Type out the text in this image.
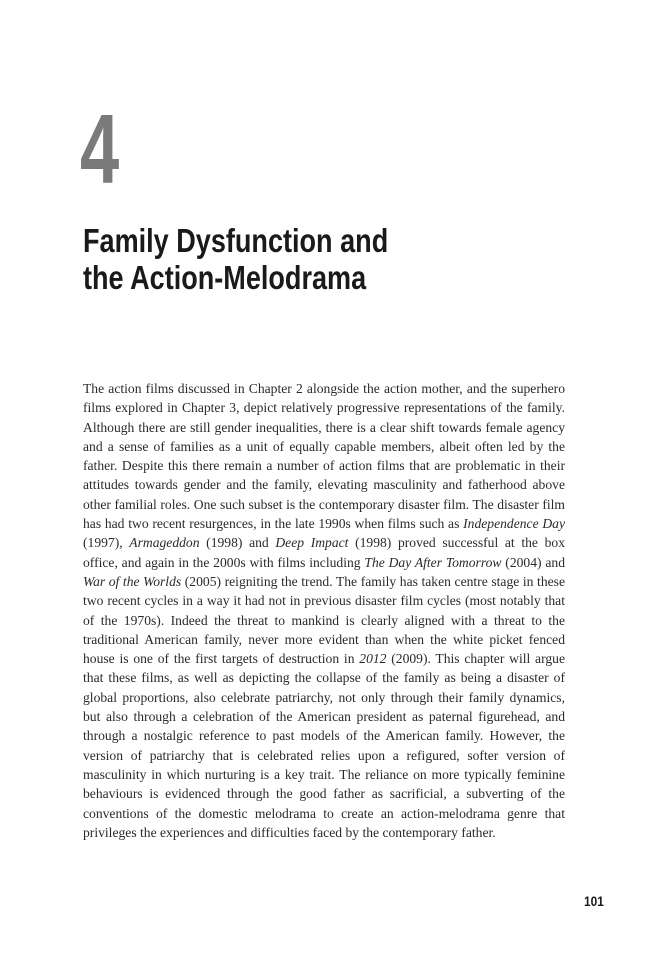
4
Family Dysfunction and
the Action-Melodrama

The action films discussed in Chapter 2 alongside the action mother, and the superhero films explored in Chapter 3, depict relatively progressive representations of the family. Although there are still gender inequalities, there is a clear shift towards female agency and a sense of families as a unit of equally capable members, albeit often led by the father. Despite this there remain a number of action films that are problematic in their attitudes towards gender and the family, elevating masculinity and fatherhood above other familial roles. One such subset is the contemporary disaster film. The disaster film has had two recent resurgences, in the late 1990s when films such as Independence Day (1997), Armageddon (1998) and Deep Impact (1998) proved successful at the box office, and again in the 2000s with films including The Day After Tomorrow (2004) and War of the Worlds (2005) reigniting the trend. The family has taken centre stage in these two recent cycles in a way it had not in previous disaster film cycles (most notably that of the 1970s). Indeed the threat to mankind is clearly aligned with a threat to the traditional American family, never more evident than when the white picket fenced house is one of the first targets of destruction in 2012 (2009). This chapter will argue that these films, as well as depicting the collapse of the family as being a disaster of global proportions, also celebrate patriarchy, not only through their family dynamics, but also through a celebration of the American president as paternal figurehead, and through a nostalgic reference to past models of the American family. However, the version of patriarchy that is celebrated relies upon a refigured, softer version of masculinity in which nurturing is a key trait. The reliance on more typically feminine behaviours is evidenced through the good father as sacrificial, a subverting of the conventions of the domestic melodrama to create an action-melodrama genre that privileges the experiences and difficulties faced by the contemporary father.

101
